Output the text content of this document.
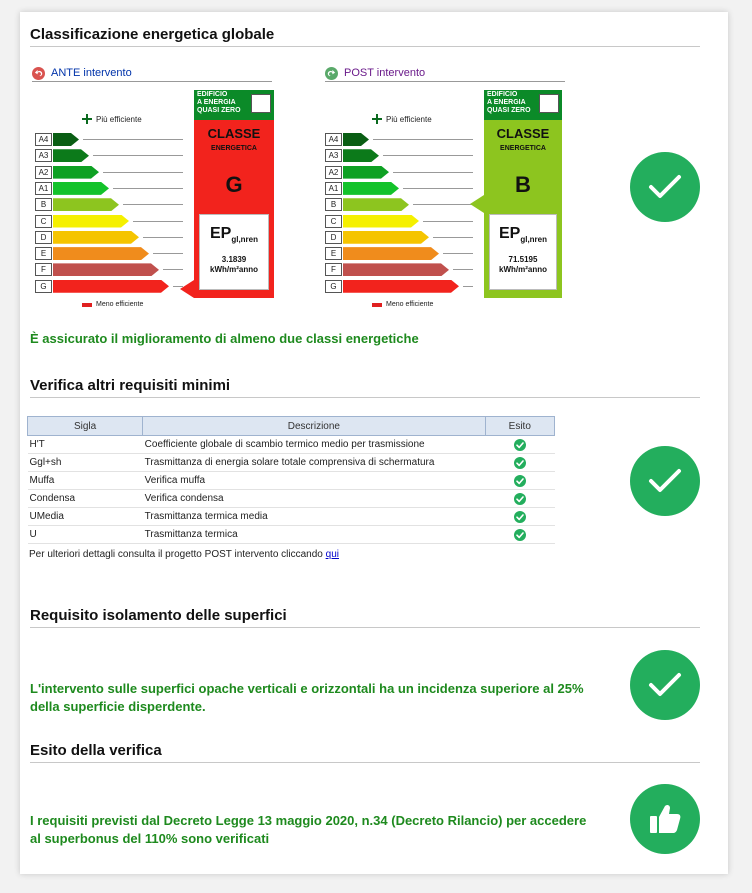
Classificazione energetica globale
ANTE intervento	POST intervento
Più efficiente
A4
A3
A2
A1
B
C
D
E
F
G
Meno efficiente
EDIFICIO
A ENERGIA
QUASI ZERO
CLASSE
ENERGETICA
G
$EP_{gl,nren}$
3.1839
kWh/m²anno
Più efficiente
A4
A3
A2
A1
B
C
D
E
F
G
Meno efficiente
EDIFICIO
A ENERGIA
QUASI ZERO
CLASSE
ENERGETICA
B
$EP_{gl,nren}$
71.5195
kWh/m²anno
È assicurato il miglioramento di almeno due classi energetiche
Verifica altri requisiti minimi
Sigla	Descrizione	Esito
H'T	Coefficiente globale di scambio termico medio per trasmissione	

Ggl+sh	Trasmittanza di energia solare totale comprensiva di schermatura	

Muffa	Verifica muffa	

Condensa	Verifica condensa	

UMedia	Trasmittanza termica media	

U	Trasmittanza termica	
Per ulteriori dettagli consulta il progetto POST intervento cliccando qui
Requisito isolamento delle superfici
L'intervento sulle superfici opache verticali e orizzontali ha un incidenza superiore al 25% della superficie disperdente.
Esito della verifica
I requisiti previsti dal Decreto Legge 13 maggio 2020, n.34 (Decreto Rilancio) per accedere al superbonus del 110% sono verificati
